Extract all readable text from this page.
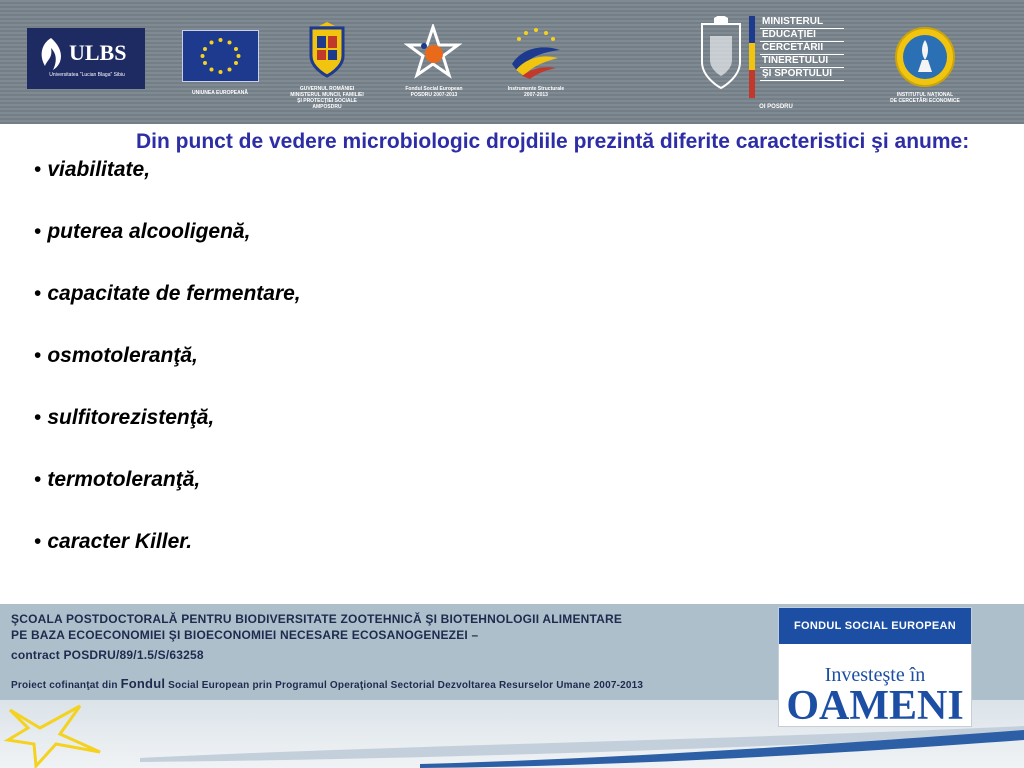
ULBS
Universitatea "Lucian Blaga" Sibiu
UNIUNEA EUROPEANĂ
GUVERNUL ROMÂNIEI
MINISTERUL MUNCII, FAMILIEI
ŞI PROTECŢIEI SOCIALE
AMPOSDRU
Fondul Social European
POSDRU 2007-2013
Instrumente Structurale
2007-2013
MINISTERUL
EDUCAŢIEI
CERCETĂRII
TINERETULUI
ŞI SPORTULUI
OI POSDRU
INSTITUTUL NAŢIONAL
DE CERCETĂRI ECONOMICE

Din punct de vedere microbiologic drojdiile prezintă diferite caracteristici şi anume:

• viabilitate,
• puterea alcooligenă,
• capacitate de fermentare,
• osmotoleranţă,
• sulfitorezistenţă,
• termotoleranţă,
• caracter Killer.
ŞCOALA POSTDOCTORALĂ PENTRU BIODIVERSITATE ZOOTEHNICĂ ŞI BIOTEHNOLOGII ALIMENTARE
PE BAZA ECOECONOMIEI ŞI BIOECONOMIEI NECESARE ECOSANOGENEZEI –
contract POSDRU/89/1.5/S/63258
Proiect cofinanţat din Fondul Social European prin Programul Operaţional Sectorial Dezvoltarea Resurselor Umane 2007-2013
FONDUL SOCIAL EUROPEAN
Investeşte în
OAMENI
